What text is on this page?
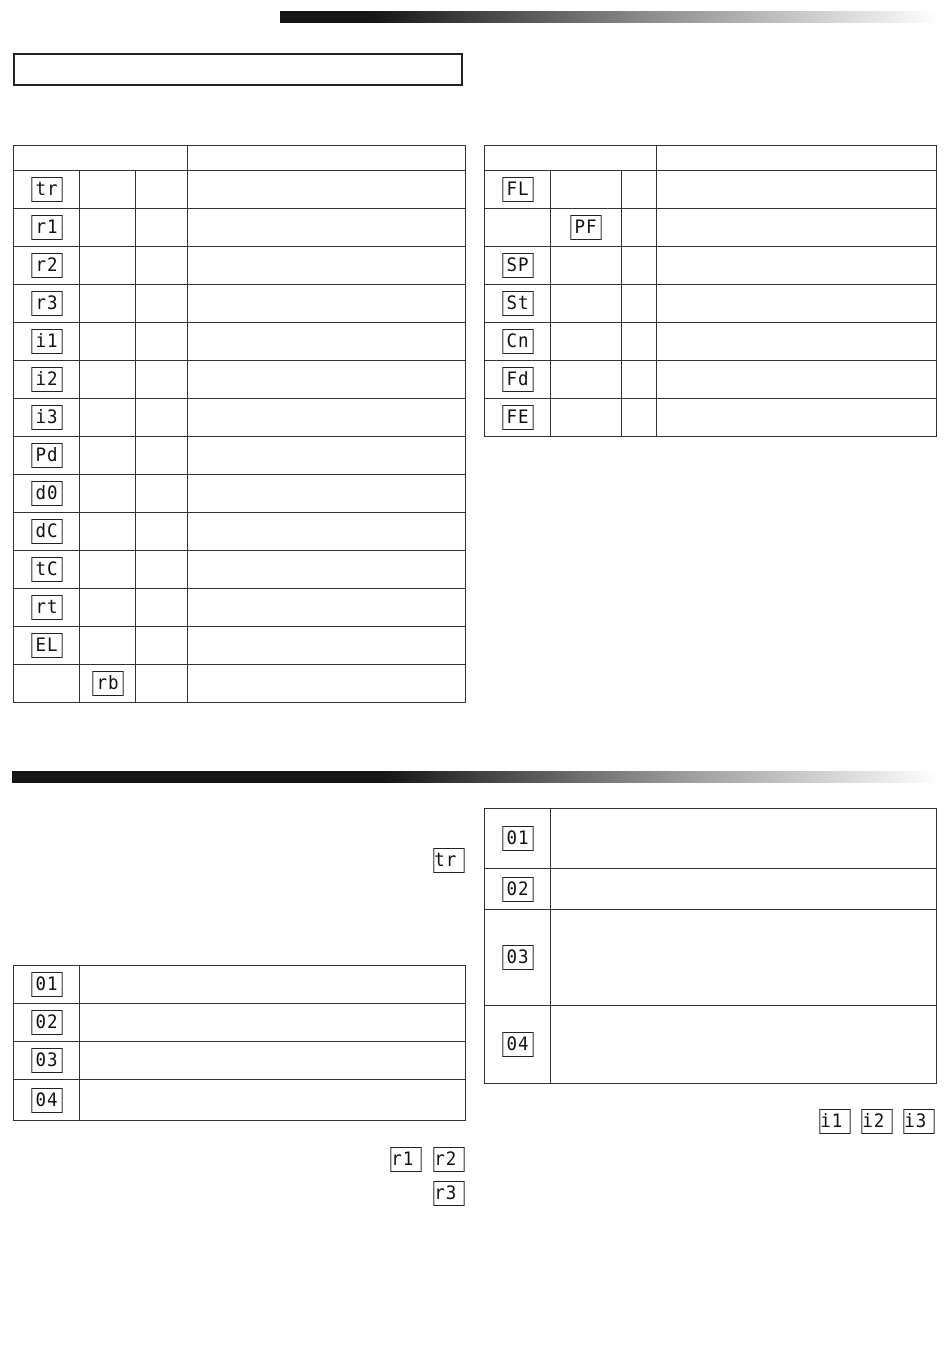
tr			
r1			
r2			
r3			
i1			
i2			
i3			
Pd			
d0			
dC			
tC			
rt			
EL			
	rb		

FL			
	PF		
SP			
St			
Cn			
Fd			
FE			
tr
01	
02	
03	
04	
r1	r2
r3
01	
02	
03	
04	
i1	i2	i3
